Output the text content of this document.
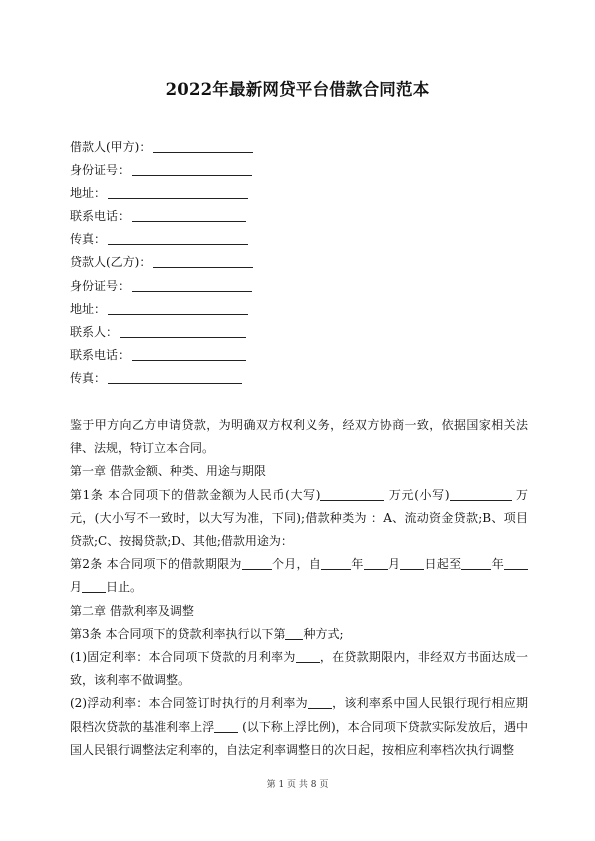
2022年最新网贷平台借款合同范本
借款人(甲方)：
身份证号：
地址：
联系电话：
传真：
贷款人(乙方)：
身份证号：
地址：
联系人：
联系电话：
传真：

鉴于甲方向乙方申请贷款，为明确双方权利义务，经双方协商一致，依据国家相关法律、法规，特订立本合同。

第一章 借款金额、种类、用途与期限

第1条 本合同项下的借款金额为人民币(大写)	万元(小写)	万元，(大小写不一致时，以大写为准，下同);借款种类为 ：A、流动资金贷款;B、项目贷款;C、按揭贷款;D、其他;借款用途为：

第2条 本合同项下的借款期限为	个月，自	年 月 日起至	年月 日止。

第二章 借款利率及调整

第3条 本合同项下的贷款利率执行以下第 种方式;

(1)固定利率：本合同项下贷款的月利率为 ，在贷款期限内，非经双方书面达成一致，该利率不做调整。

(2)浮动利率：本合同签订时执行的月利率为 ，该利率系中国人民银行现行相应期限档次贷款的基准利率上浮 (以下称上浮比例)，本合同项下贷款实际发放后，遇中国人民银行调整法定利率的，自法定利率调整日的次日起，按相应利率档次执行调整

第 1 页 共 8 页
